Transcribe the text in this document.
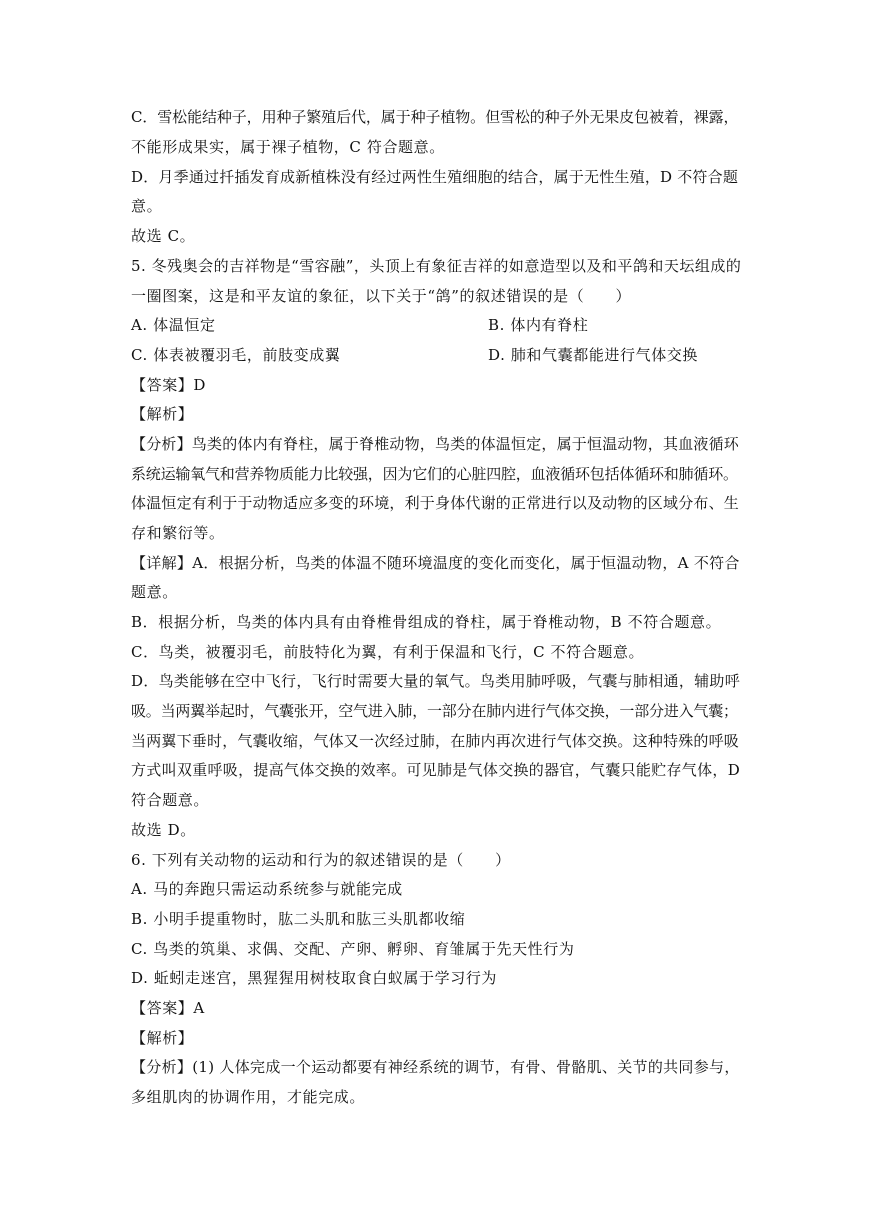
C．雪松能结种子，用种子繁殖后代，属于种子植物。但雪松的种子外无果皮包被着，裸露，
不能形成果实，属于裸子植物，C 符合题意。
D．月季通过扦插发育成新植株没有经过两性生殖细胞的结合，属于无性生殖，D 不符合题
意。
故选 C。
5. 冬残奥会的吉祥物是“雪容融”，头顶上有象征吉祥的如意造型以及和平鸽和天坛组成的
一圈图案，这是和平友谊的象征，以下关于“鸽”的叙述错误的是（　　）
A. 体温恒定	B. 体内有脊柱
C. 体表被覆羽毛，前肢变成翼	D. 肺和气囊都能进行气体交换
【答案】D
【解析】
【分析】鸟类的体内有脊柱，属于脊椎动物，鸟类的体温恒定，属于恒温动物，其血液循环
系统运输氧气和营养物质能力比较强，因为它们的心脏四腔，血液循环包括体循环和肺循环。
体温恒定有利于于动物适应多变的环境，利于身体代谢的正常进行以及动物的区域分布、生
存和繁衍等。
【详解】A．根据分析，鸟类的体温不随环境温度的变化而变化，属于恒温动物，A 不符合
题意。
B．根据分析，鸟类的体内具有由脊椎骨组成的脊柱，属于脊椎动物，B 不符合题意。
C．鸟类，被覆羽毛，前肢特化为翼，有利于保温和飞行，C 不符合题意。
D．鸟类能够在空中飞行，飞行时需要大量的氧气。鸟类用肺呼吸，气囊与肺相通，辅助呼
吸。当两翼举起时，气囊张开，空气进入肺，一部分在肺内进行气体交换，一部分进入气囊；
当两翼下垂时，气囊收缩，气体又一次经过肺，在肺内再次进行气体交换。这种特殊的呼吸
方式叫双重呼吸，提高气体交换的效率。可见肺是气体交换的器官，气囊只能贮存气体，D
符合题意。
故选 D。
6. 下列有关动物的运动和行为的叙述错误的是（　　）
A. 马的奔跑只需运动系统参与就能完成
B. 小明手提重物时，肱二头肌和肱三头肌都收缩
C. 鸟类的筑巢、求偶、交配、产卵、孵卵、育雏属于先天性行为
D. 蚯蚓走迷宫，黑猩猩用树枝取食白蚁属于学习行为
【答案】A
【解析】
【分析】(1) 人体完成一个运动都要有神经系统的调节，有骨、骨骼肌、关节的共同参与，
多组肌肉的协调作用，才能完成。
